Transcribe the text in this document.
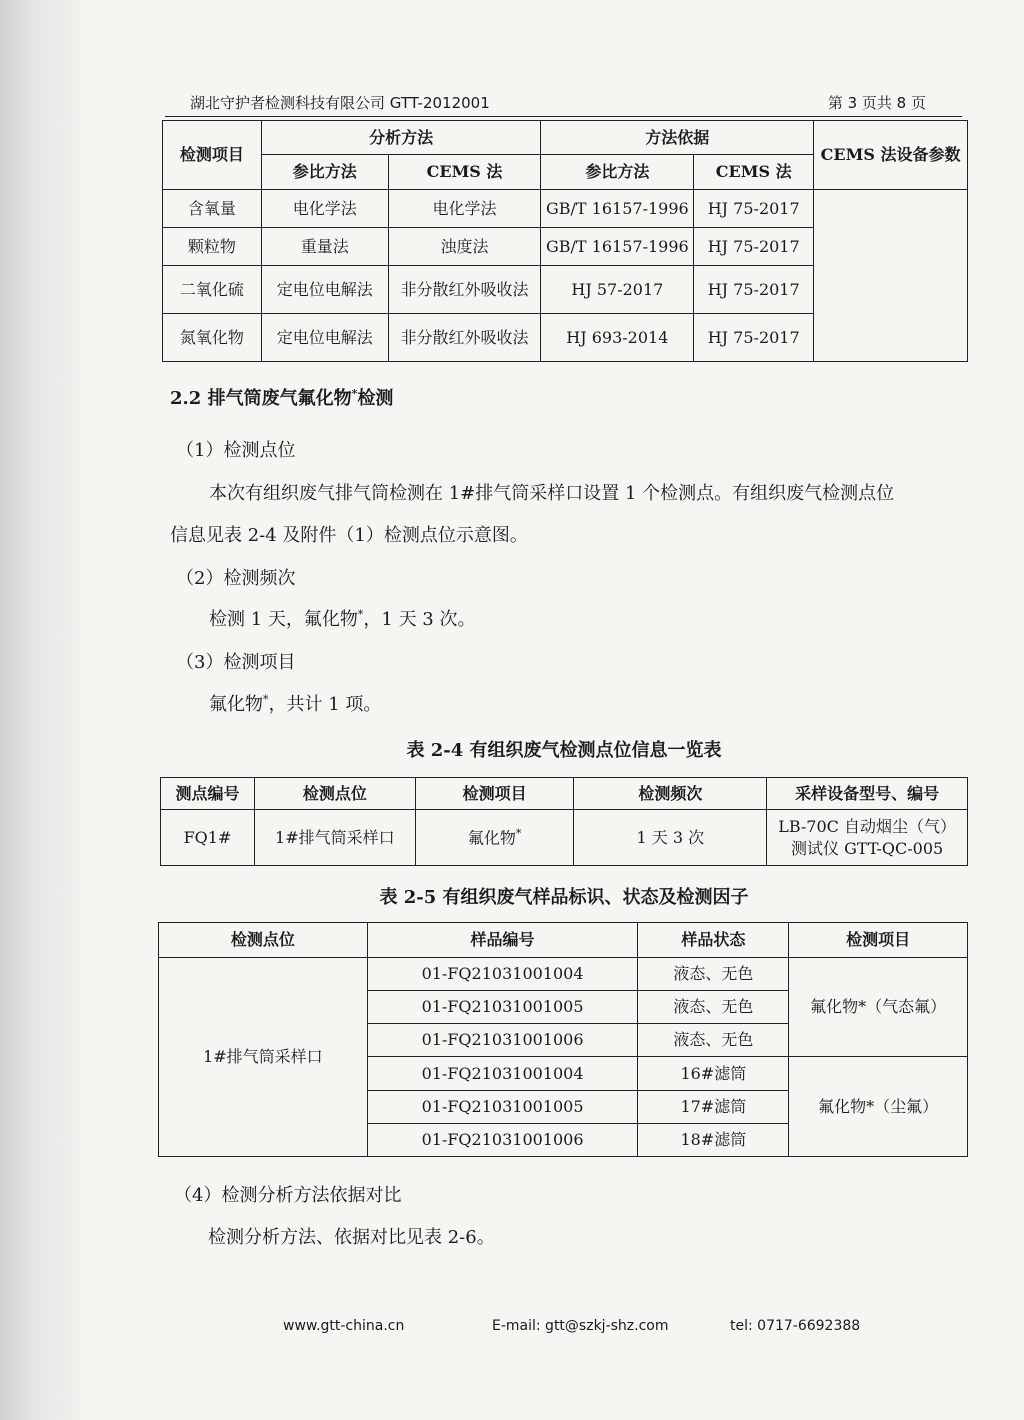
湖北守护者检测科技有限公司 GTT-2012001	第 3 页共 8 页
检测项目	分析方法		方法依据		CEMS 法设备参数
	参比方法	CEMS 法	参比方法	CEMS 法	
含氧量	电化学法	电化学法	GB/T 16157-1996	HJ 75-2017	
颗粒物	重量法	浊度法	GB/T 16157-1996	HJ 75-2017	
二氧化硫	定电位电解法	非分散红外吸收法	HJ 57-2017	HJ 75-2017	
氮氧化物	定电位电解法	非分散红外吸收法	HJ 693-2014	HJ 75-2017	
2.2 排气筒废气氟化物*检测
（1）检测点位
本次有组织废气排气筒检测在 1#排气筒采样口设置 1 个检测点。有组织废气检测点位
信息见表 2-4 及附件（1）检测点位示意图。
（2）检测频次
检测 1 天，氟化物*，1 天 3 次。
（3）检测项目
氟化物*，共计 1 项。
表 2-4 有组织废气检测点位信息一览表
测点编号	检测点位	检测项目	检测频次	采样设备型号、编号
FQ1#	1#排气筒采样口	氟化物*	1 天 3 次	LB-70C 自动烟尘（气）
测试仪 GTT-QC-005
表 2-5 有组织废气样品标识、状态及检测因子
检测点位	样品编号	样品状态	检测项目
1#排气筒采样口	01-FQ21031001004	液态、无色	氟化物*（气态氟）
	01-FQ21031001005	液态、无色	
	01-FQ21031001006	液态、无色	
	01-FQ21031001004	16#滤筒	氟化物*（尘氟）
	01-FQ21031001005	17#滤筒	
	01-FQ21031001006	18#滤筒	
（4）检测分析方法依据对比
检测分析方法、依据对比见表 2-6。
www.gtt-china.cn	E-mail: gtt@szkj-shz.com	tel: 0717-6692388
